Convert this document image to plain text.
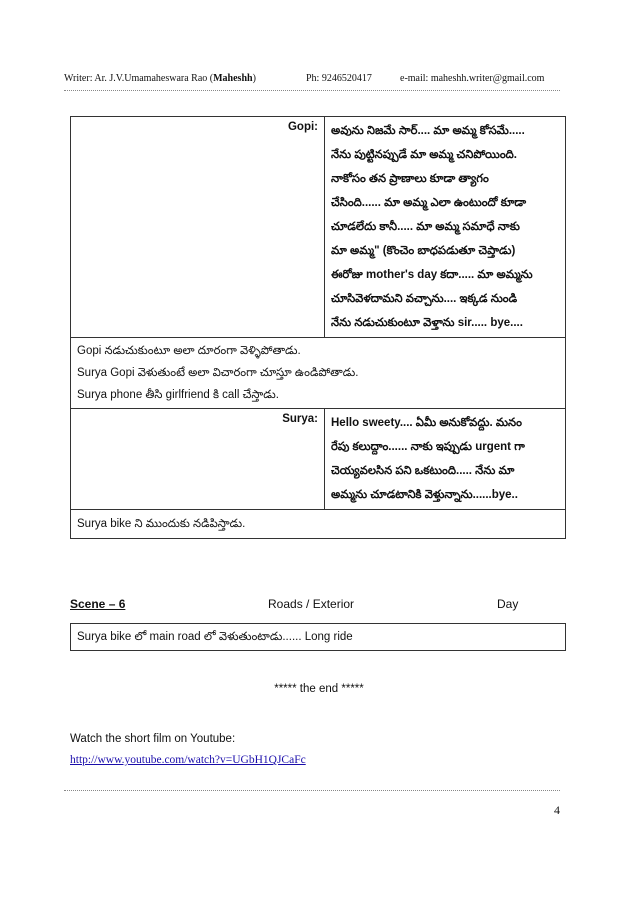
Writer: Ar. J.V.Umamaheswara Rao (Maheshh)	Ph: 9246520417	e-mail: maheshh.writer@gmail.com
Gopi:	అవును నిజమే సార్.... మా అమ్మ కోసమే.....
నేను పుట్టినప్పుడే మా అమ్మ చనిపోయింది.
నాకోసం తన ప్రాణాలు కూడా త్యాగం
చేసింది...... మా అమ్మ ఎలా ఉంటుందో కూడా
చూడలేదు కానీ..... మా అమ్మ సమాధే నాకు
మా అమ్మ" (కొంచెం బాధపడుతూ చెప్తాడు)
ఈరోజు mother's day కదా..... మా అమ్మను
చూసివెళదామని వచ్చాను.... ఇక్కడ నుండి
నేను నడుచుకుంటూ వెళ్తాను sir..... bye....
Gopi నడుచుకుంటూ అలా దూరంగా వెళ్ళిపోతాడు.
Surya Gopi వెళుతుంటే అలా విచారంగా చూస్తూ ఉండిపోతాడు.
Surya phone తీసి girlfriend కి call చేస్తాడు.
Surya:	Hello sweety.... ఏమీ అనుకోవద్దు. మనం
రేపు కలుద్దాం...... నాకు ఇప్పుడు urgent గా
చెయ్యవలసిన పని ఒకటుంది..... నేను మా
అమ్మను చూడటానికి వెళ్తున్నాను......bye..
Surya bike ని ముందుకు నడిపిస్తాడు.
Scene – 6	Roads / Exterior	Day
Surya bike లో main road లో వెళుతుంటాడు...... Long ride
***** the end *****
Watch the short film on Youtube:
http://www.youtube.com/watch?v=UGbH1QJCaFc
4
